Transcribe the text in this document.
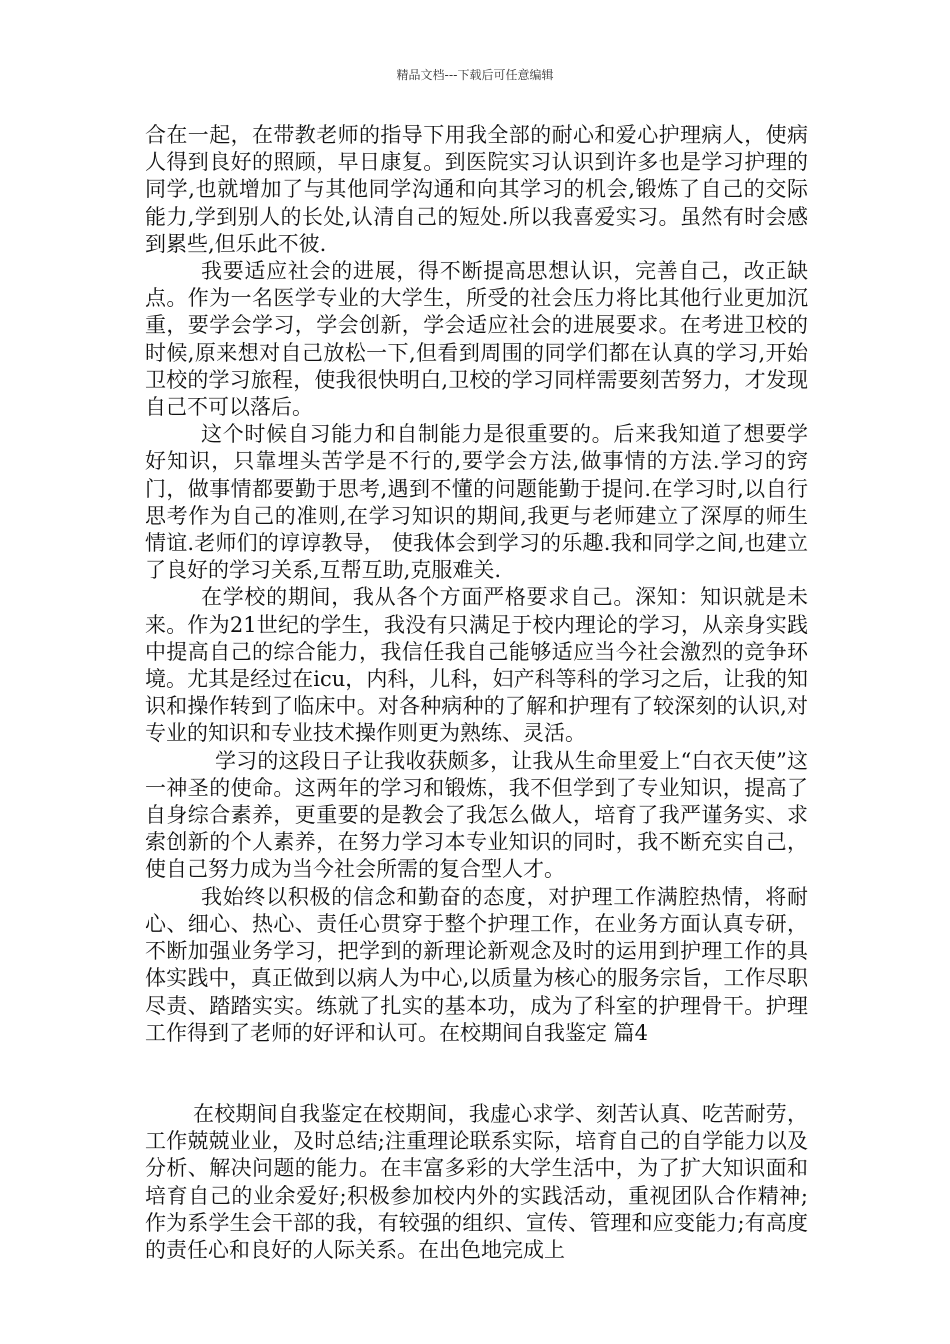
精品文档---下载后可任意编辑

合在一起，在带教老师的指导下用我全部的耐心和爱心护理病人，使病人得到良好的照顾，早日康复。到医院实习认识到许多也是学习护理的同学,也就增加了与其他同学沟通和向其学习的机会,锻炼了自己的交际能力,学到别人的长处,认清自己的短处.所以我喜爱实习。虽然有时会感到累些,但乐此不彼.

我要适应社会的进展，得不断提高思想认识，完善自己，改正缺点。作为一名医学专业的大学生，所受的社会压力将比其他行业更加沉重，要学会学习，学会创新，学会适应社会的进展要求。在考进卫校的时候,原来想对自己放松一下,但看到周围的同学们都在认真的学习,开始卫校的学习旅程，使我很快明白,卫校的学习同样需要刻苦努力，才发现自己不可以落后。

这个时候自习能力和自制能力是很重要的。后来我知道了想要学好知识，只靠埋头苦学是不行的,要学会方法,做事情的方法.学习的窍门，做事情都要勤于思考,遇到不懂的问题能勤于提问.在学习时,以自行思考作为自己的准则,在学习知识的期间,我更与老师建立了深厚的师生情谊.老师们的谆谆教导， 使我体会到学习的乐趣.我和同学之间,也建立了良好的学习关系,互帮互助,克服难关.

在学校的期间，我从各个方面严格要求自己。深知：知识就是未来。作为21世纪的学生，我没有只满足于校内理论的学习，从亲身实践中提高自己的综合能力，我信任我自己能够适应当今社会激烈的竞争环境。尤其是经过在icu，内科，儿科，妇产科等科的学习之后，让我的知识和操作转到了临床中。对各种病种的了解和护理有了较深刻的认识,对专业的知识和专业技术操作则更为熟练、灵活。

学习的这段日子让我收获颇多，让我从生命里爱上“白衣天使”这一神圣的使命。这两年的学习和锻炼，我不但学到了专业知识，提高了自身综合素养，更重要的是教会了我怎么做人，培育了我严谨务实、求索创新的个人素养，在努力学习本专业知识的同时，我不断充实自己，使自己努力成为当今社会所需的复合型人才。

我始终以积极的信念和勤奋的态度，对护理工作满腔热情，将耐心、细心、热心、责任心贯穿于整个护理工作，在业务方面认真专研，不断加强业务学习，把学到的新理论新观念及时的运用到护理工作的具体实践中，真正做到以病人为中心,以质量为核心的服务宗旨，工作尽职尽责、踏踏实实。练就了扎实的基本功，成为了科室的护理骨干。护理工作得到了老师的好评和认可。在校期间自我鉴定 篇4

在校期间自我鉴定在校期间，我虚心求学、刻苦认真、吃苦耐劳，工作兢兢业业，及时总结;注重理论联系实际，培育自己的自学能力以及分析、解决问题的能力。在丰富多彩的大学生活中，为了扩大知识面和培育自己的业余爱好;积极参加校内外的实践活动，重视团队合作精神;作为系学生会干部的我，有较强的组织、宣传、管理和应变能力;有高度的责任心和良好的人际关系。在出色地完成上
